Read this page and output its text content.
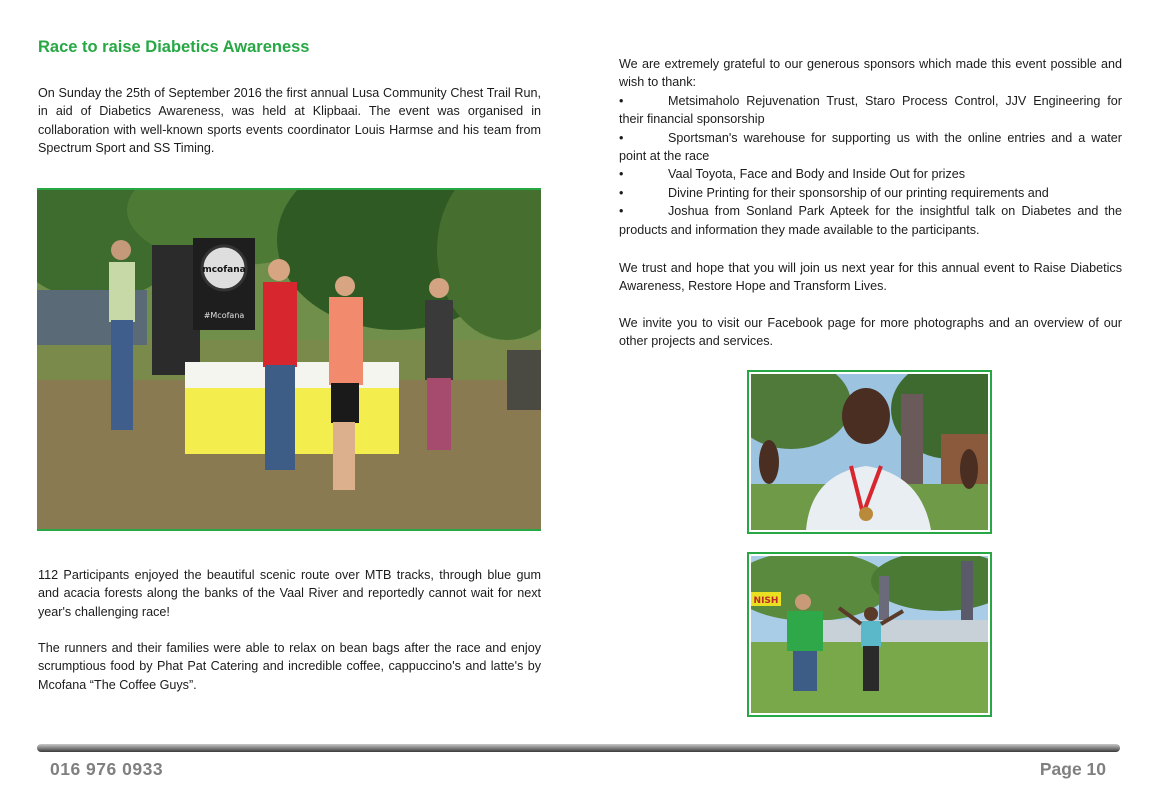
Race to raise Diabetics Awareness

On Sunday the 25th of September 2016 the first annual Lusa Community Chest Trail Run, in aid of Diabetics Awareness, was held at Klipbaai. The event was organised in collaboration with well-known sports events coordinator Louis Harmse and his team from Spectrum Sport and SS Timing.

mcofana
#Mcofana

112 Participants enjoyed the beautiful scenic route over MTB tracks, through blue gum and acacia forests along the banks of the Vaal River and reportedly cannot wait for next year's challenging race!

The runners and their families were able to relax on bean bags after the race and enjoy scrumptious food by Phat Pat Catering and incredible coffee, cappuccino's and latte's by Mcofana “The Coffee Guys”.

We are extremely grateful to our generous sponsors which made this event possible and wish to thank:
•	Metsimaholo Rejuvenation Trust, Staro Process Control, JJV Engineering for their financial sponsorship
•	Sportsman's warehouse for supporting us with the online entries and a water point at the race
•	Vaal Toyota, Face and Body and Inside Out for prizes
•	Divine Printing for their sponsorship of our printing requirements and
•	Joshua from Sonland Park Apteek for the insightful talk on Diabetes and the products and information they made available to the participants.

We trust and hope that you will join us next year for this annual event to Raise Diabetics Awareness, Restore Hope and Transform Lives.

We invite you to visit our Facebook page for more photographs and an overview of our other projects and services.

NISH
016 976 0933	Page 10
